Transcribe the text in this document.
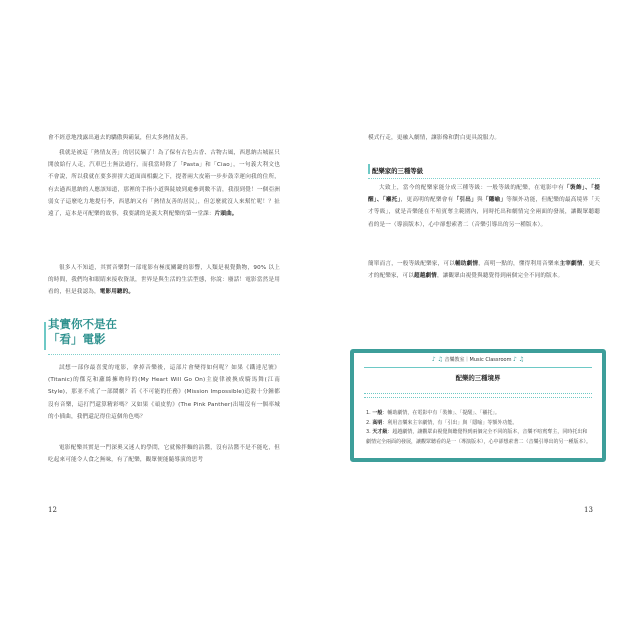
會不經意地洩露出過去的驕傲與霸氣，但太多熱情友善。

我就是被這「熱情友善」的居民騙了！為了保有古色古香、古物古風，西恩納古城區只開放給行人走，汽車巴士無法通行，而我當時除了「Pasta」和「Ciao」，一句義大利文也不會說，所以我就在要多拼拼大道面面相覷之下，提著兩大皮箱一步步鼓幸運向我的住所，有去過西恩納的人應該知道，那裡的手指小道與陡坡到處參到數不清，我很到覺！一個亞洲弱女子這麼吃力地提行李，西恩納又有「熱情友善的居民」，但怎麼就沒人來幫忙呢！？扯遠了，這本是可配樂的故事，我要講的是義大利配樂的第一堂課：片頭曲。

很多人不知道，其實音樂對一部電影有極度關鍵的影響，人類是視覺動物，90% 以上的時間，我們均和眼睛來接收資訊，世界是與生活的生活型態，你說：廢話！電影當然是用看的，但是我認為，電影用聽的。

其實你不是在
「看」電影

試想一部你最喜愛的電影，拿掉音樂後，這部片會變得如何呢？如果《鐵達尼號》(Titanic)的傑克和蘿絲擁吻時的(My Heart Will Go On)主旋律被換成騎馬舞(江南 Style)，那並不成了一部鬧劇？若《不可能的任務》(Mission Impossible)追殺十分鐘都沒有音樂，這打鬥還算精彩嗎？又如果《頑皮豹》(The Pink Panther)出場沒有一個率城的小插曲，我們還記得住這個角色嗎？

電影配樂其實是一門深奧又迷人的學問，它就像拌麵的沾醬，沒有沾醬不是不能吃，但吃起來可能令人食之無味，有了配樂，觀眾便能隨導演的思考

12

模式行走，更融入劇情，讓影像和對白更具說服力。

配樂家的三種等級

大致上，當今的配樂家能分成三種等級：一般等級的配樂，在電影中有「裝飾」、「提醒」、「襯托」，更高明的配樂會有「引出」與「隱喻」等額外功能，但配樂的最高境界「天才等級」，就是音樂能在不喧賓奪主範圍內，同時托出和劇情完全兩面的發展，讓觀眾聽聽看的是一（導演版本），心中卻想索著二（音樂引導出的另一種版本）。

簡單而言，一般等級配樂家，可以輔助劇情，高明一點的，懂得利用音樂來主宰劇情，更天才的配樂家，可以超越劇情，讓觀眾由視覺與聽覺得到兩個完全不同的版本。

♪ ♫ 音樂教室｜Music Classroom ♪ ♫
配樂的三種境界
1. 一般：輔助劇情，在電影中有「裝飾」、「提醒」、「襯托」。
2. 高明：利用音樂來主宰劇情，有「引出」與「隱喻」等額外功能。
3. 天才級：超越劇情，讓觀眾由視覺與聽覺得到兩個完全不同的版本，音樂不喧賓奪主，同時托出和劇情完全兩面的發展，讓觀眾聽看的是一（導演版本），心中卻想索著二（音樂引導出的另一種版本）。
13
